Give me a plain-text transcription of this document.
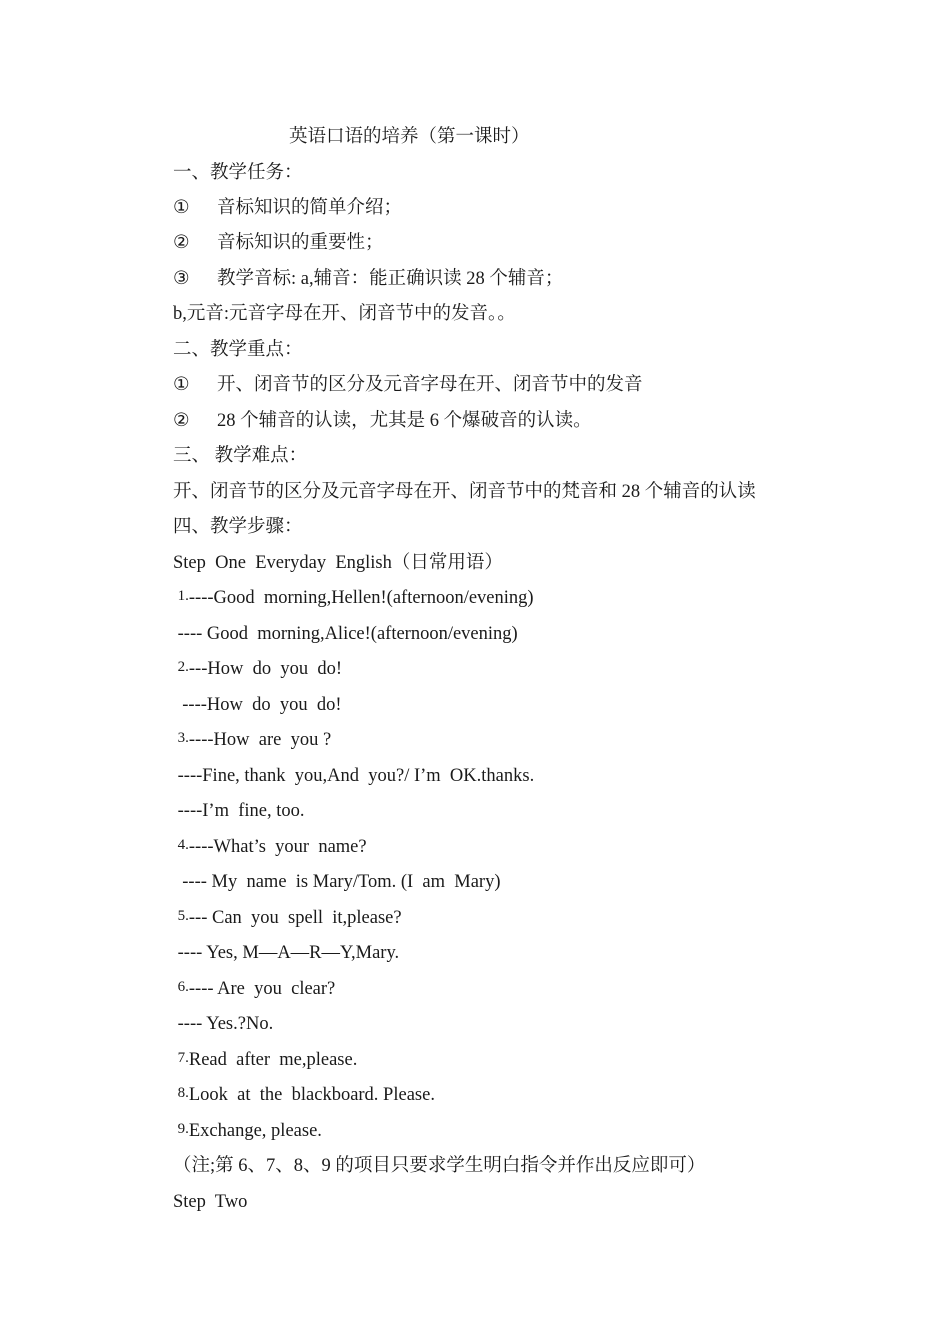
英语口语的培养（第一课时）
一、教学任务：
① 音标知识的简单介绍；
② 音标知识的重要性；
③ 教学音标: a,辅音：能正确识读 28 个辅音；
b,元音:元音字母在开、闭音节中的发音。。
二、教学重点：
① 开、闭音节的区分及元音字母在开、闭音节中的发音
② 28 个辅音的认读，尤其是 6 个爆破音的认读。
三、 教学难点：
开、闭音节的区分及元音字母在开、闭音节中的梵音和 28 个辅音的认读
四、教学步骤：
Step  One  Everyday  English（日常用语）
1.----Good  morning,Hellen!(afternoon/evening)
---- Good  morning,Alice!(afternoon/evening)
2.---How  do  you  do!
----How  do  you  do!
3.----How  are  you ?
----Fine, thank  you,And  you?/ I’m  OK.thanks.
----I’m  fine, too.
4.----What’s  your  name?
---- My  name  is Mary/Tom. (I  am  Mary)
5.--- Can  you  spell  it,please?
---- Yes, M—A—R—Y,Mary.
6.---- Are  you  clear?
---- Yes.?No.
7.Read  after  me,please.
8.Look  at  the  blackboard. Please.
9.Exchange, please.
（注;第 6、7、8、9 的项目只要求学生明白指令并作出反应即可）
Step  Two
